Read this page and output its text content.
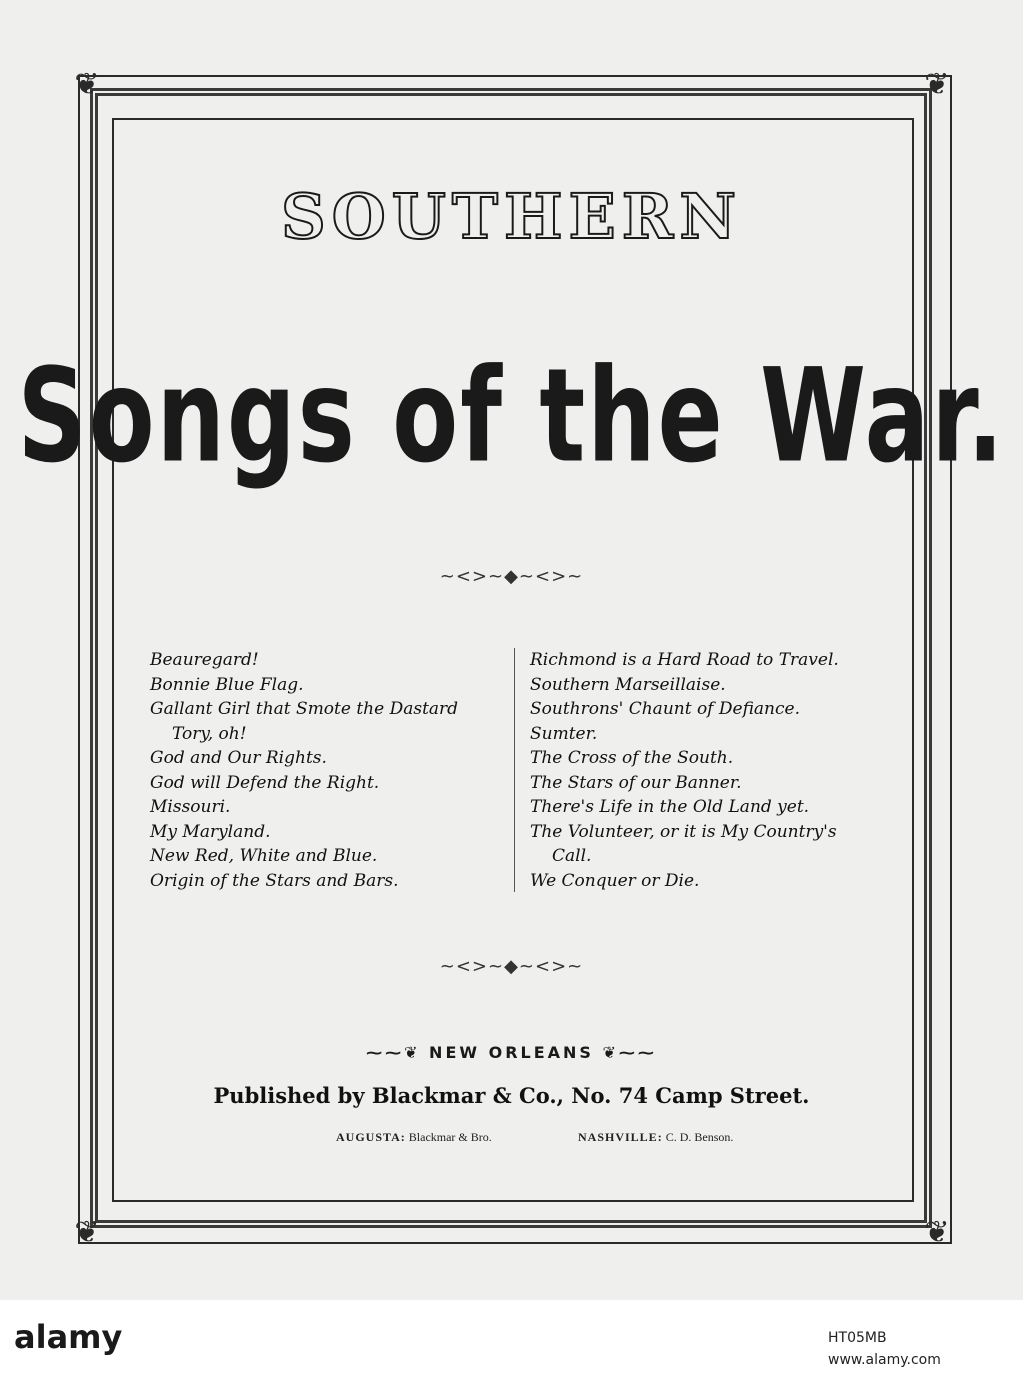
❦	❦
❦	❦
SOUTHERN
Songs of the War.
~<>~◆~<>~
Beauregard!
Bonnie Blue Flag.
Gallant Girl that Smote the Dastard
Tory, oh!
God and Our Rights.
God will Defend the Right.
Missouri.
My Maryland.
New Red, White and Blue.
Origin of the Stars and Bars.
Richmond is a Hard Road to Travel.
Southern Marseillaise.
Southrons' Chaunt of Defiance.
Sumter.
The Cross of the South.
The Stars of our Banner.
There's Life in the Old Land yet.
The Volunteer, or it is My Country's
Call.
We Conquer or Die.
~<>~◆~<>~
⁓⁓❦ NEW ORLEANS ❦⁓⁓
Published by Blackmar & Co., No. 74 Camp Street.
AUGUSTA: Blackmar & Bro.	NASHVILLE: C. D. Benson.
alamy	HT05MB
www.alamy.com
